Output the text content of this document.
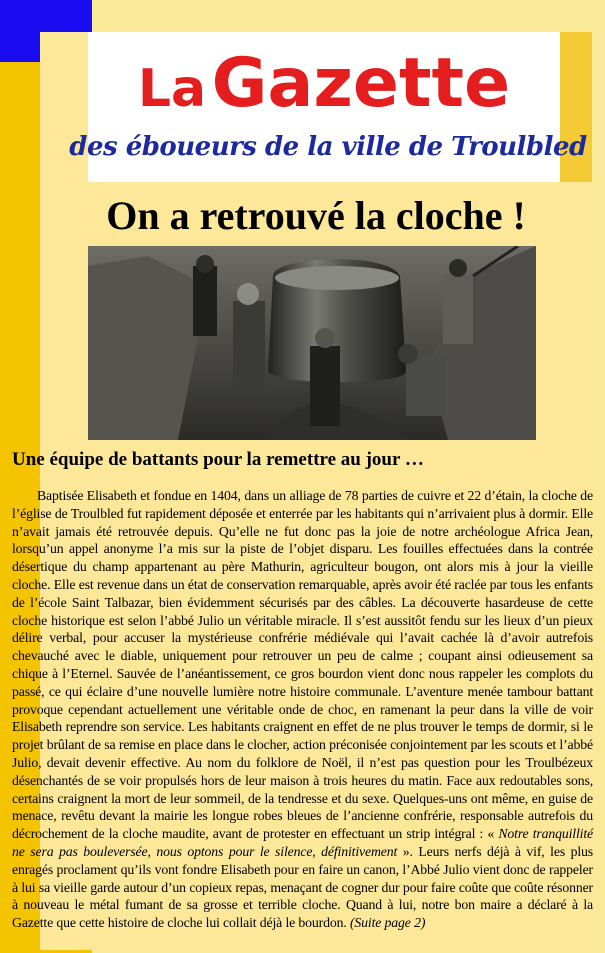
La Gazette
des éboueurs de la ville de Troulbled
On a retrouvé la cloche !
Une équipe de battants pour la remettre au jour …

Baptisée Elisabeth et fondue en 1404, dans un alliage de 78 parties de cuivre et 22 d’étain, la cloche de l’église de Troulbled fut rapidement déposée et enterrée par les habitants qui n’arrivaient plus à dormir. Elle n’avait jamais été retrouvée depuis. Qu’elle ne fut donc pas la joie de notre archéologue Africa Jean, lorsqu’un appel anonyme l’a mis sur la piste de l’objet disparu. Les fouilles effectuées dans la contrée désertique du champ appartenant au père Mathurin, agriculteur bougon, ont alors mis à jour la vieille cloche. Elle est revenue dans un état de conservation remarquable, après avoir été raclée par tous les enfants de l’école Saint Talbazar, bien évidemment sécurisés par des câbles. La découverte hasardeuse de cette cloche historique est selon l’abbé Julio un véritable miracle. Il s’est aussitôt fendu sur les lieux d’un pieux délire verbal, pour accuser la mystérieuse confrérie médiévale qui l’avait cachée là d’avoir autrefois chevauché avec le diable, uniquement pour retrouver un peu de calme ; coupant ainsi odieusement sa chique à l’Eternel. Sauvée de l’anéantissement, ce gros bourdon vient donc nous rappeler les complots du passé, ce qui éclaire d’une nouvelle lumière notre histoire communale. L’aventure menée tambour battant provoque cependant actuellement une véritable onde de choc, en ramenant la peur dans la ville de voir Elisabeth reprendre son service. Les habitants craignent en effet de ne plus trouver le temps de dormir, si le projet brûlant de sa remise en place dans le clocher, action préconisée conjointement par les scouts et l’abbé Julio, devait devenir effective. Au nom du folklore de Noël, il n’est pas question pour les Troulbézeux désenchantés de se voir propulsés hors de leur maison à trois heures du matin. Face aux redoutables sons, certains craignent la mort de leur sommeil, de la tendresse et du sexe. Quelques-uns ont même, en guise de menace, revêtu devant la mairie les longue robes bleues de l’ancienne confrérie, responsable autrefois du décrochement de la cloche maudite, avant de protester en effectuant un strip intégral : « Notre tranquillité ne sera pas bouleversée, nous optons pour le silence, définitivement ». Leurs nerfs déjà à vif, les plus enragés proclament qu’ils vont fondre Elisabeth pour en faire un canon, l’Abbé Julio vient donc de rappeler à lui sa vieille garde autour d’un copieux repas, menaçant de cogner dur pour faire coûte que coûte résonner à nouveau le métal fumant de sa grosse et terrible cloche. Quand à lui, notre bon maire a déclaré à la Gazette que cette histoire de cloche lui collait déjà le bourdon. (Suite page 2)
